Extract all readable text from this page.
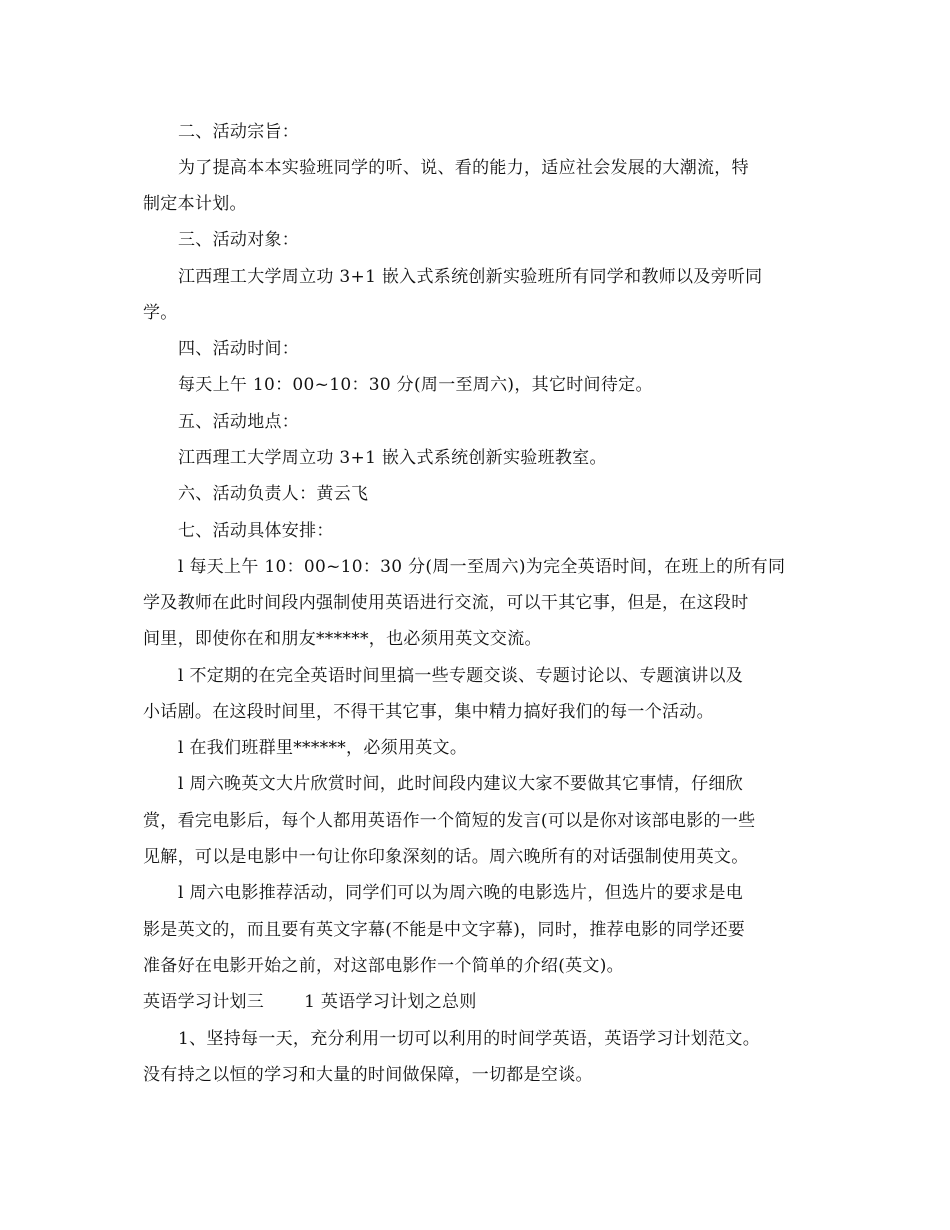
二、活动宗旨：
为了提高本本实验班同学的听、说、看的能力，适应社会发展的大潮流，特
制定本计划。
三、活动对象：
江西理工大学周立功 3+1 嵌入式系统创新实验班所有同学和教师以及旁听同
学。
四、活动时间：
每天上午 10：00~10：30 分(周一至周六)，其它时间待定。
五、活动地点：
江西理工大学周立功 3+1 嵌入式系统创新实验班教室。
六、活动负责人：黄云飞
七、活动具体安排：
l 每天上午 10：00~10：30 分(周一至周六)为完全英语时间，在班上的所有同
学及教师在此时间段内强制使用英语进行交流，可以干其它事，但是，在这段时
间里，即使你在和朋友******，也必须用英文交流。
l 不定期的在完全英语时间里搞一些专题交谈、专题讨论以、专题演讲以及
小话剧。在这段时间里，不得干其它事，集中精力搞好我们的每一个活动。
l 在我们班群里******，必须用英文。
l 周六晚英文大片欣赏时间，此时间段内建议大家不要做其它事情，仔细欣
赏，看完电影后，每个人都用英语作一个简短的发言(可以是你对该部电影的一些
见解，可以是电影中一句让你印象深刻的话。周六晚所有的对话强制使用英文。
l 周六电影推荐活动，同学们可以为周六晚的电影选片，但选片的要求是电
影是英文的，而且要有英文字幕(不能是中文字幕)，同时，推荐电影的同学还要
准备好在电影开始之前，对这部电影作一个简单的介绍(英文)。
英语学习计划三 1 英语学习计划之总则
1、坚持每一天，充分利用一切可以利用的时间学英语，英语学习计划范文。
没有持之以恒的学习和大量的时间做保障，一切都是空谈。
